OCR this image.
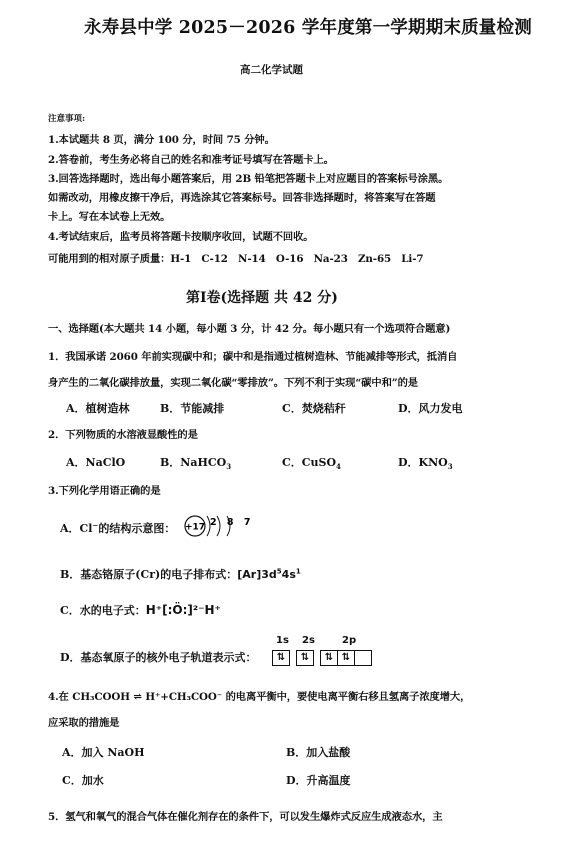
永寿县中学 2025－2026 学年度第一学期期末质量检测
高二化学试题
注意事项:
1.本试题共 8 页，满分 100 分，时间 75 分钟。
2.答卷前，考生务必将自己的姓名和准考证号填写在答题卡上。
3.回答选择题时，选出每小题答案后，用 2B 铅笔把答题卡上对应题目的答案标号涂黑。
如需改动，用橡皮擦干净后，再选涂其它答案标号。回答非选择题时，将答案写在答题
卡上。写在本试卷上无效。
4.考试结束后，监考员将答题卡按顺序收回，试题不回收。
可能用到的相对原子质量：H-1　C-12　N-14　O-16　Na-23　Zn-65　Li-7
第Ⅰ卷(选择题 共 42 分)
一、选择题(本大题共 14 小题，每小题 3 分，计 42 分。每小题只有一个选项符合题意)
1．我国承诺 2060 年前实现碳中和；碳中和是指通过植树造林、节能减排等形式，抵消自
身产生的二氧化碳排放量，实现二氧化碳“零排放”。下列不利于实现“碳中和”的是
A．植树造林	B．节能减排	C．焚烧秸秆	D．风力发电
2．下列物质的水溶液显酸性的是
A．NaClO	B．NaHCO$_3$	C．CuSO$_4$	D．$KNO_3$
3.下列化学用语正确的是
A．Cl−的结构示意图： +17 2 8 7
B．基态铬原子(Cr)的电子排布式：$[Ar]3d^54s^1$
C．水的电子式：H⁺[:Ö:]²⁻H⁺
D．基态氧原子的核外电子轨道表示式：
1s 2s	2p
⇅	⇅	⇅ ⇅
4.在 CH₃COOH ⇌ H⁺+CH₃COO⁻ 的电离平衡中，要使电离平衡右移且氢离子浓度增大，
应采取的措施是
A．加入 NaOH	B．加入盐酸
C．加水	D．升高温度
5．氢气和氧气的混合气体在催化剂存在的条件下，可以发生爆炸式反应生成液态水，主
